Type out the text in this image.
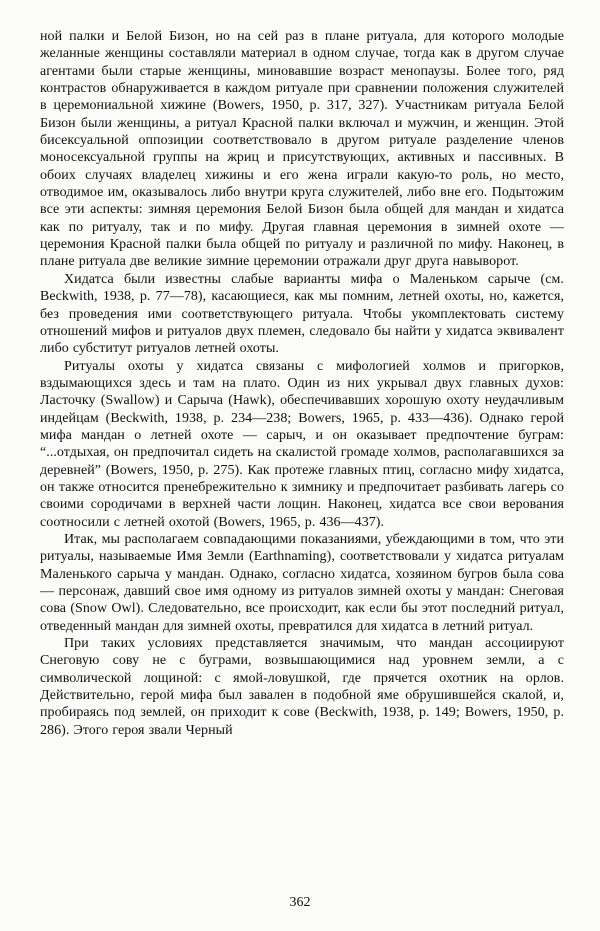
ной палки и Белой Бизон, но на сей раз в плане ритуала, для которого молодые желанные женщины составляли материал в одном случае, тогда как в другом случае агентами были старые женщины, миновавшие возраст менопаузы. Более того, ряд контрастов обнаруживается в каждом ритуале при сравнении положения служителей в церемониальной хижине (Bowers, 1950, p. 317, 327). Участникам ритуала Белой Бизон были женщины, а ритуал Красной палки включал и мужчин, и женщин. Этой бисексуальной оппозиции соответствовало в другом ритуале разделение членов моносексуальной группы на жриц и присутствующих, активных и пассивных. В обоих случаях владелец хижины и его жена играли какую-то роль, но место, отводимое им, оказывалось либо внутри круга служителей, либо вне его. Подытожим все эти аспекты: зимняя церемония Белой Бизон была общей для мандан и хидатса как по ритуалу, так и по мифу. Другая главная церемония в зимней охоте — церемония Красной палки была общей по ритуалу и различной по мифу. Наконец, в плане ритуала две великие зимние церемонии отражали друг друга навыворот.

Хидатса были известны слабые варианты мифа о Маленьком сарыче (см. Beckwith, 1938, p. 77—78), касающиеся, как мы помним, летней охоты, но, кажется, без проведения ими соответствующего ритуала. Чтобы укомплектовать систему отношений мифов и ритуалов двух племен, следовало бы найти у хидатса эквивалент либо субститут ритуалов летней охоты.

Ритуалы охоты у хидатса связаны с мифологией холмов и пригорков, вздымающихся здесь и там на плато. Один из них укрывал двух главных духов: Ласточку (Swallow) и Сарыча (Hawk), обеспечивавших хорошую охоту неудачливым индейцам (Beckwith, 1938, p. 234—238; Bowers, 1965, p. 433—436). Однако герой мифа мандан о летней охоте — сарыч, и он оказывает предпочтение буграм: “...отдыхая, он предпочитал сидеть на скалистой громаде холмов, располагавшихся за деревней” (Bowers, 1950, p. 275). Как протеже главных птиц, согласно мифу хидатса, он также относится пренебрежительно к зимнику и предпочитает разбивать лагерь со своими сородичами в верхней части лощин. Наконец, хидатса все свои верования соотносили с летней охотой (Bowers, 1965, p. 436—437).

Итак, мы располагаем совпадающими показаниями, убеждающими в том, что эти ритуалы, называемые Имя Земли (Earthnaming), соответствовали у хидатса ритуалам Маленького сарыча у мандан. Однако, согласно хидатса, хозяином бугров была сова — персонаж, давший свое имя одному из ритуалов зимней охоты у мандан: Снеговая сова (Snow Owl). Следовательно, все происходит, как если бы этот последний ритуал, отведенный мандан для зимней охоты, превратился для хидатса в летний ритуал.

При таких условиях представляется значимым, что мандан ассоциируют Снеговую сову не с буграми, возвышающимися над уровнем земли, а с символической лощиной: с ямой-ловушкой, где прячется охотник на орлов. Действительно, герой мифа был завален в подобной яме обрушившейся скалой, и, пробираясь под землей, он приходит к сове (Beckwith, 1938, p. 149; Bowers, 1950, p. 286). Этого героя звали Черный

362
